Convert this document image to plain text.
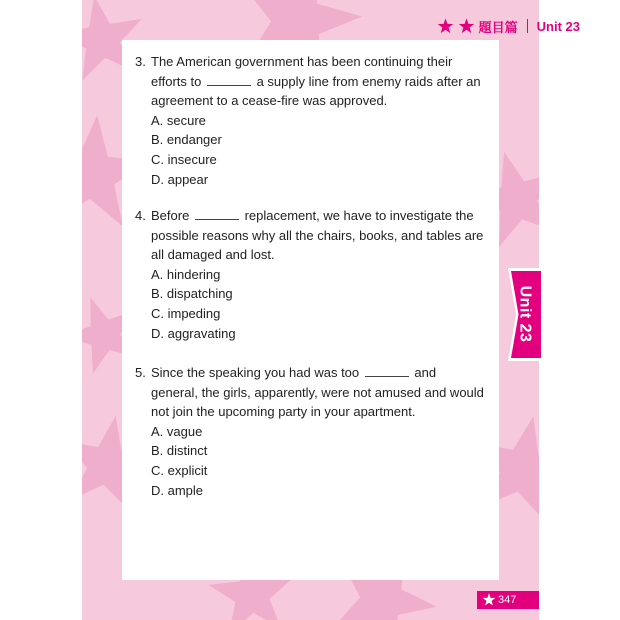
題目篇 Unit 23
3. The American government has been continuing their efforts to	a supply line from enemy raids after an agreement to a cease-fire was approved.
A. secure
B. endanger
C. insecure
D. appear
4. Before	replacement, we have to investigate the possible reasons why all the chairs, books, and tables are all damaged and lost.
A. hindering
B. dispatching
C. impeding
D. aggravating
5. Since the speaking you had was too	and general, the girls, apparently, were not amused and would not join the upcoming party in your apartment.
A. vague
B. distinct
C. explicit
D. ample
Unit 23
347
